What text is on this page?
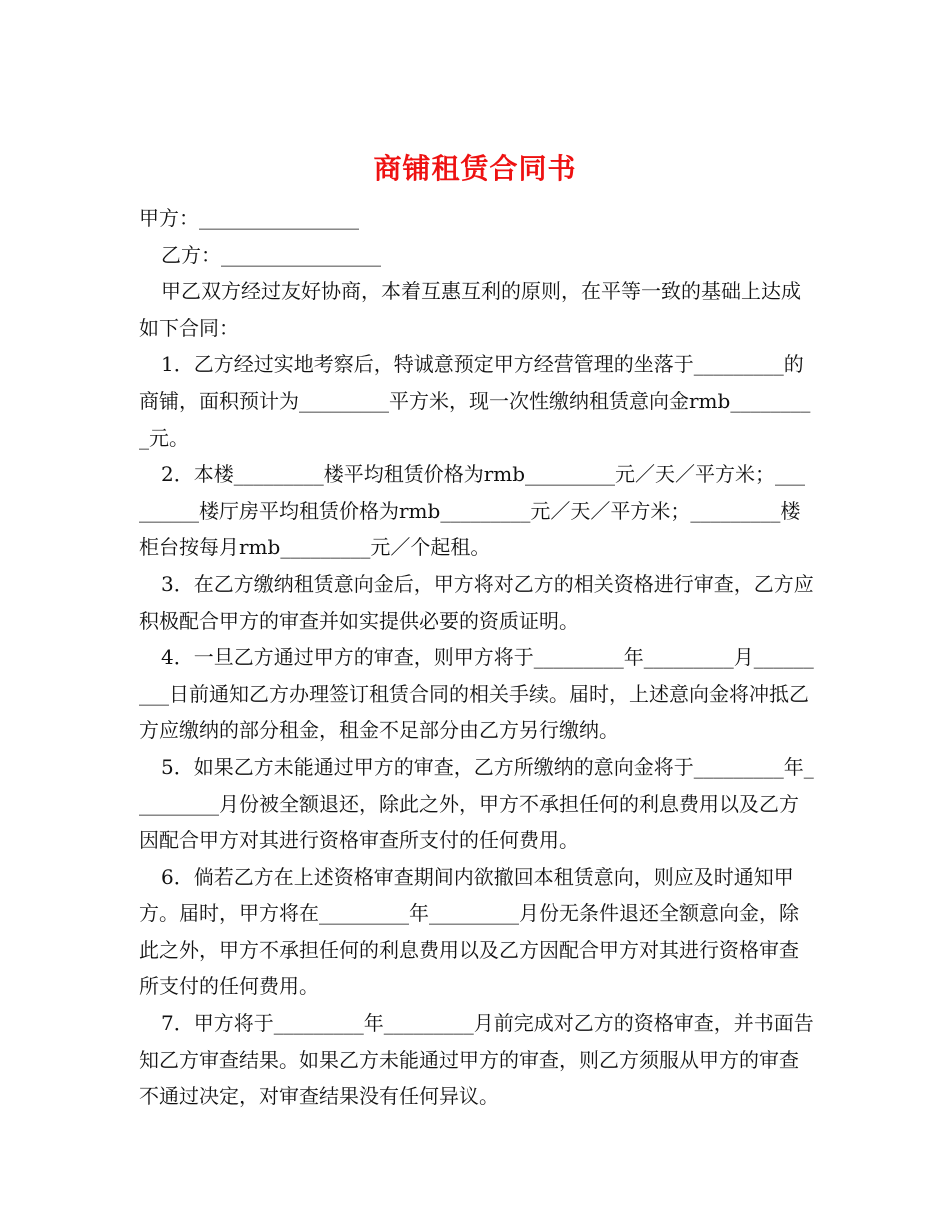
商铺租赁合同书

甲方：________________

乙方：________________

甲乙双方经过友好协商，本着互惠互利的原则，在平等一致的基础上达成如下合同：

1．乙方经过实地考察后，特诚意预定甲方经营管理的坐落于_________的商铺，面积预计为_________平方米，现一次性缴纳租赁意向金rmb_________元。

2．本楼_________楼平均租赁价格为rmb_________元／天／平方米；_________楼厅房平均租赁价格为rmb_________元／天／平方米；_________楼柜台按每月rmb_________元／个起租。

3．在乙方缴纳租赁意向金后，甲方将对乙方的相关资格进行审查，乙方应积极配合甲方的审查并如实提供必要的资质证明。

4．一旦乙方通过甲方的审查，则甲方将于_________年_________月_________日前通知乙方办理签订租赁合同的相关手续。届时，上述意向金将冲抵乙方应缴纳的部分租金，租金不足部分由乙方另行缴纳。

5．如果乙方未能通过甲方的审查，乙方所缴纳的意向金将于_________年_________月份被全额退还，除此之外，甲方不承担任何的利息费用以及乙方因配合甲方对其进行资格审查所支付的任何费用。

6．倘若乙方在上述资格审查期间内欲撤回本租赁意向，则应及时通知甲方。届时，甲方将在_________年_________月份无条件退还全额意向金，除此之外，甲方不承担任何的利息费用以及乙方因配合甲方对其进行资格审查所支付的任何费用。

7．甲方将于_________年_________月前完成对乙方的资格审查，并书面告知乙方审查结果。如果乙方未能通过甲方的审查，则乙方须服从甲方的审查不通过决定，对审查结果没有任何异议。
